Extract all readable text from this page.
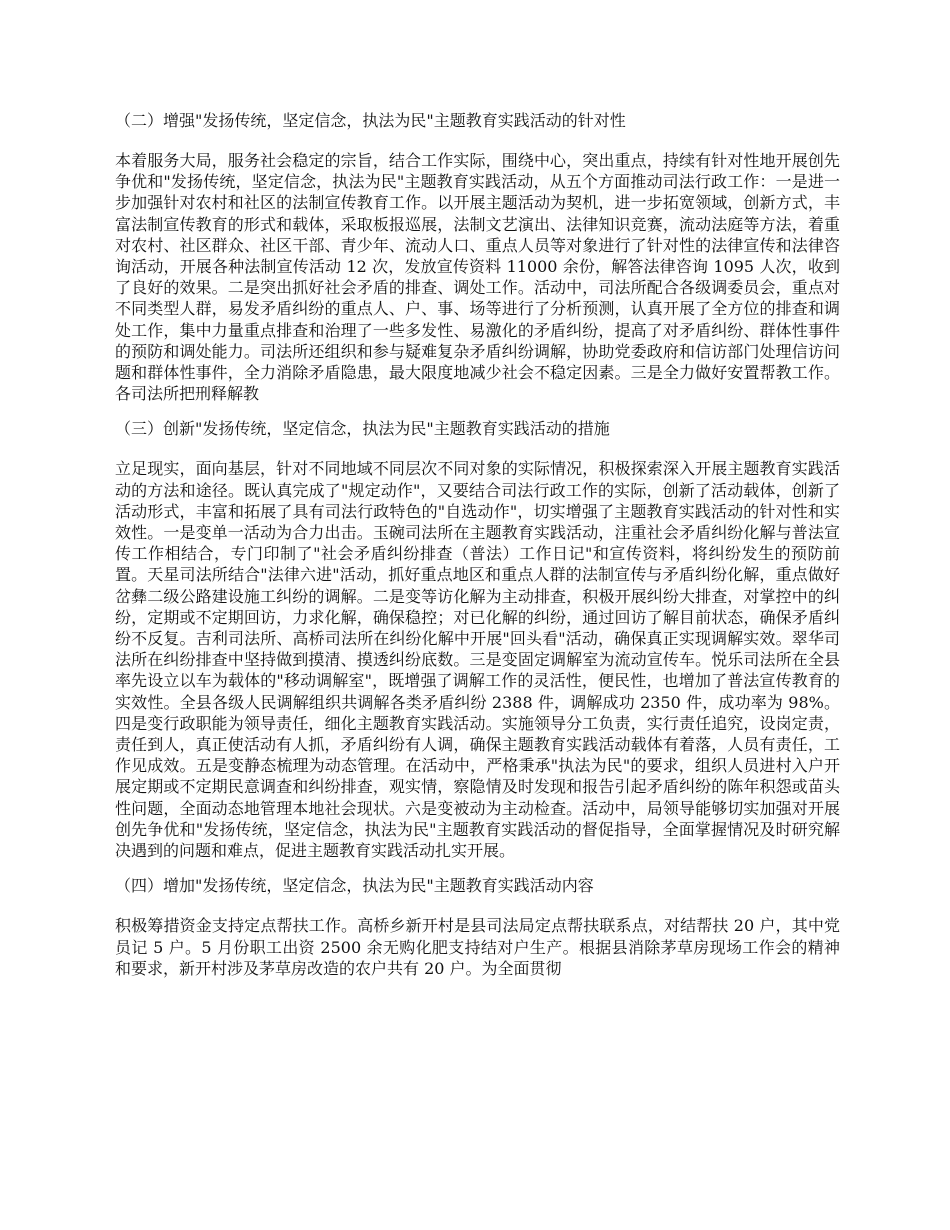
（二）增强"发扬传统，坚定信念，执法为民"主题教育实践活动的针对性
本着服务大局，服务社会稳定的宗旨，结合工作实际，围绕中心，突出重点，持续有针对性地开展创先争优和"发扬传统，坚定信念，执法为民"主题教育实践活动，从五个方面推动司法行政工作：一是进一步加强针对农村和社区的法制宣传教育工作。以开展主题活动为契机，进一步拓宽领域，创新方式，丰富法制宣传教育的形式和载体，采取板报巡展，法制文艺演出、法律知识竞赛，流动法庭等方法，着重对农村、社区群众、社区干部、青少年、流动人口、重点人员等对象进行了针对性的法律宣传和法律咨询活动，开展各种法制宣传活动 12 次，发放宣传资料 11000 余份，解答法律咨询 1095 人次，收到了良好的效果。二是突出抓好社会矛盾的排查、调处工作。活动中，司法所配合各级调委员会，重点对不同类型人群，易发矛盾纠纷的重点人、户、事、场等进行了分析预测，认真开展了全方位的排查和调处工作，集中力量重点排查和治理了一些多发性、易激化的矛盾纠纷，提高了对矛盾纠纷、群体性事件的预防和调处能力。司法所还组织和参与疑难复杂矛盾纠纷调解，协助党委政府和信访部门处理信访问题和群体性事件，全力消除矛盾隐患，最大限度地减少社会不稳定因素。三是全力做好安置帮教工作。各司法所把刑释解教
（三）创新"发扬传统，坚定信念，执法为民"主题教育实践活动的措施
立足现实，面向基层，针对不同地域不同层次不同对象的实际情况，积极探索深入开展主题教育实践活动的方法和途径。既认真完成了"规定动作"，又要结合司法行政工作的实际，创新了活动载体，创新了活动形式，丰富和拓展了具有司法行政特色的"自选动作"，切实增强了主题教育实践活动的针对性和实效性。一是变单一活动为合力出击。玉碗司法所在主题教育实践活动，注重社会矛盾纠纷化解与普法宣传工作相结合，专门印制了"社会矛盾纠纷排查（普法）工作日记"和宣传资料，将纠纷发生的预防前置。天星司法所结合"法律六进"活动，抓好重点地区和重点人群的法制宣传与矛盾纠纷化解，重点做好岔彝二级公路建设施工纠纷的调解。二是变等访化解为主动排查，积极开展纠纷大排查，对掌控中的纠纷，定期或不定期回访，力求化解，确保稳控；对已化解的纠纷，通过回访了解目前状态，确保矛盾纠纷不反复。吉利司法所、高桥司法所在纠纷化解中开展"回头看"活动，确保真正实现调解实效。翠华司法所在纠纷排查中坚持做到摸清、摸透纠纷底数。三是变固定调解室为流动宣传车。悦乐司法所在全县率先设立以车为载体的"移动调解室"，既增强了调解工作的灵活性，便民性，也增加了普法宣传教育的实效性。全县各级人民调解组织共调解各类矛盾纠纷 2388 件，调解成功 2350 件，成功率为 98%。四是变行政职能为领导责任，细化主题教育实践活动。实施领导分工负责，实行责任追究，设岗定责，责任到人，真正使活动有人抓，矛盾纠纷有人调，确保主题教育实践活动载体有着落，人员有责任，工作见成效。五是变静态梳理为动态管理。在活动中，严格秉承"执法为民"的要求，组织人员进村入户开展定期或不定期民意调查和纠纷排查，观实情，察隐情及时发现和报告引起矛盾纠纷的陈年积怨或苗头性问题，全面动态地管理本地社会现状。六是变被动为主动检查。活动中，局领导能够切实加强对开展创先争优和"发扬传统，坚定信念，执法为民"主题教育实践活动的督促指导，全面掌握情况及时研究解决遇到的问题和难点，促进主题教育实践活动扎实开展。
（四）增加"发扬传统，坚定信念，执法为民"主题教育实践活动内容
积极筹措资金支持定点帮扶工作。高桥乡新开村是县司法局定点帮扶联系点，对结帮扶 20 户，其中党员记 5 户。5 月份职工出资 2500 余无购化肥支持结对户生产。根据县消除茅草房现场工作会的精神和要求，新开村涉及茅草房改造的农户共有 20 户。为全面贯彻
